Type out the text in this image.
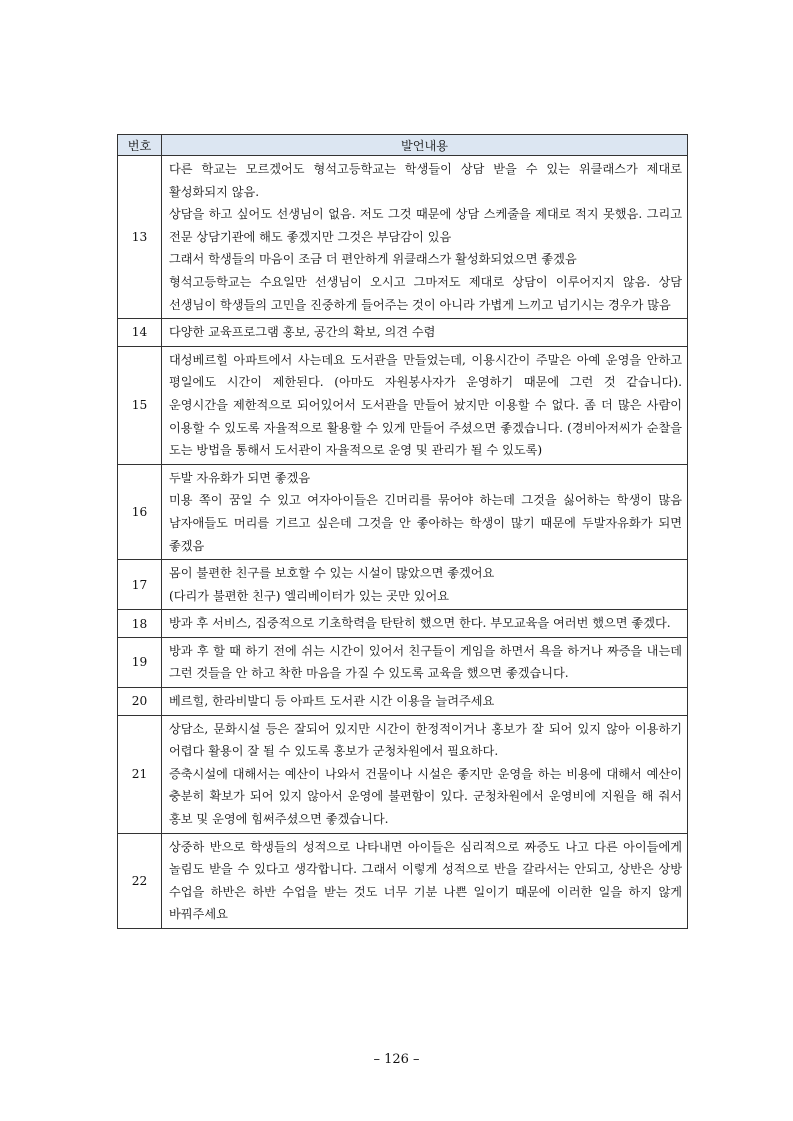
번호	발언내용
13	다른 학교는 모르겠어도 형석고등학교는 학생들이 상담 받을 수 있는 위클래스가 제대로 활성화되지 않음.

상담을 하고 싶어도 선생님이 없음. 저도 그것 때문에 상담 스케줄을 제대로 적지 못했음. 그리고 전문 상담기관에 해도 좋겠지만 그것은 부담감이 있음

그래서 학생들의 마음이 조금 더 편안하게 위클래스가 활성화되었으면 좋겠음

형석고등학교는 수요일만 선생님이 오시고 그마저도 제대로 상담이 이루어지지 않음. 상담 선생님이 학생들의 고민을 진중하게 들어주는 것이 아니라 가볍게 느끼고 넘기시는 경우가 많음

14	다양한 교육프로그램 홍보, 공간의 확보, 의견 수렴

15	대성베르힐 아파트에서 사는데요 도서관을 만들었는데, 이용시간이 주말은 아예 운영을 안하고 평일에도 시간이 제한된다. (아마도 자원봉사자가 운영하기 때문에 그런 것 같습니다). 운영시간을 제한적으로 되어있어서 도서관을 만들어 놨지만 이용할 수 없다. 좀 더 많은 사람이 이용할 수 있도록 자율적으로 활용할 수 있게 만들어 주셨으면 좋겠습니다. (경비아저씨가 순찰을 도는 방법을 통해서 도서관이 자율적으로 운영 및 관리가 될 수 있도록)

16	두발 자유화가 되면 좋겠음

미용 쪽이 꿈일 수 있고 여자아이들은 긴머리를 묶어야 하는데 그것을 싫어하는 학생이 많음 남자애들도 머리를 기르고 싶은데 그것을 안 좋아하는 학생이 많기 때문에 두발자유화가 되면 좋겠음

17	몸이 불편한 친구를 보호할 수 있는 시설이 많았으면 좋겠어요

(다리가 불편한 친구) 엘리베이터가 있는 곳만 있어요

18	방과 후 서비스, 집중적으로 기초학력을 탄탄히 했으면 한다. 부모교육을 여러번 했으면 좋겠다.

19	방과 후 할 때 하기 전에 쉬는 시간이 있어서 친구들이 게임을 하면서 욕을 하거나 짜증을 내는데 그런 것들을 안 하고 착한 마음을 가질 수 있도록 교육을 했으면 좋겠습니다.

20	베르힐, 한라비발디 등 아파트 도서관 시간 이용을 늘려주세요

21	상담소, 문화시설 등은 잘되어 있지만 시간이 한정적이거나 홍보가 잘 되어 있지 않아 이용하기 어렵다 활용이 잘 될 수 있도록 홍보가 군청차원에서 필요하다.

증축시설에 대해서는 예산이 나와서 건물이나 시설은 좋지만 운영을 하는 비용에 대해서 예산이 충분히 확보가 되어 있지 않아서 운영에 불편함이 있다. 군청차원에서 운영비에 지원을 해 줘서 홍보 및 운영에 힘써주셨으면 좋겠습니다.

22	상중하 반으로 학생들의 성적으로 나타내면 아이들은 심리적으로 짜증도 나고 다른 아이들에게 놀림도 받을 수 있다고 생각합니다. 그래서 이렇게 성적으로 반을 갈라서는 안되고, 상반은 상방 수업을 하반은 하반 수업을 받는 것도 너무 기분 나쁜 일이기 때문에 이러한 일을 하지 않게 바꿔주세요

– 126 –
